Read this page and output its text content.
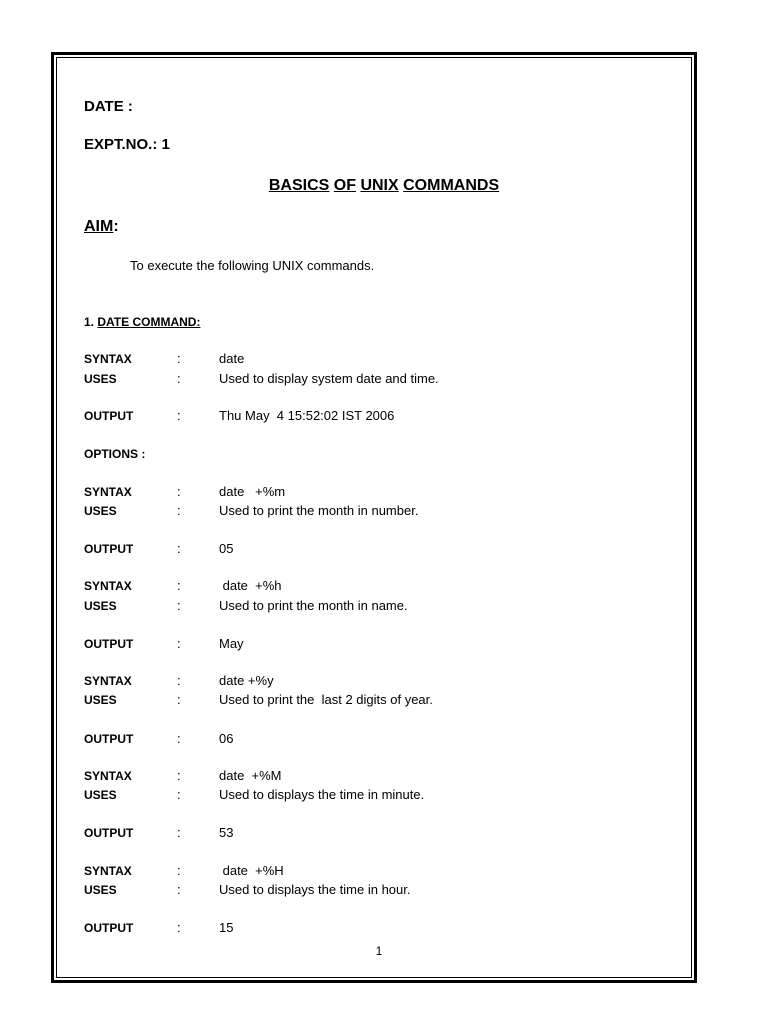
DATE :
EXPT.NO.: 1
BASICS OF UNIX COMMANDS
AIM:
To execute the following UNIX commands.
1. DATE COMMAND:
SYNTAX	:	date
USES	:	Used to display system date and time.
OUTPUT	:	Thu May  4 15:52:02 IST 2006
OPTIONS :
SYNTAX	:	date   +%m
USES	:	Used to print the month in number.
OUTPUT	:	05
SYNTAX	:	date  +%h
USES	:	Used to print the month in name.
OUTPUT	:	May
SYNTAX	:	date +%y
USES	:	Used to print the  last 2 digits of year.
OUTPUT	:	06
SYNTAX	:	date  +%M
USES	:	Used to displays the time in minute.
OUTPUT	:	53
SYNTAX	:	date  +%H
USES	:	Used to displays the time in hour.
OUTPUT	:	15
1
